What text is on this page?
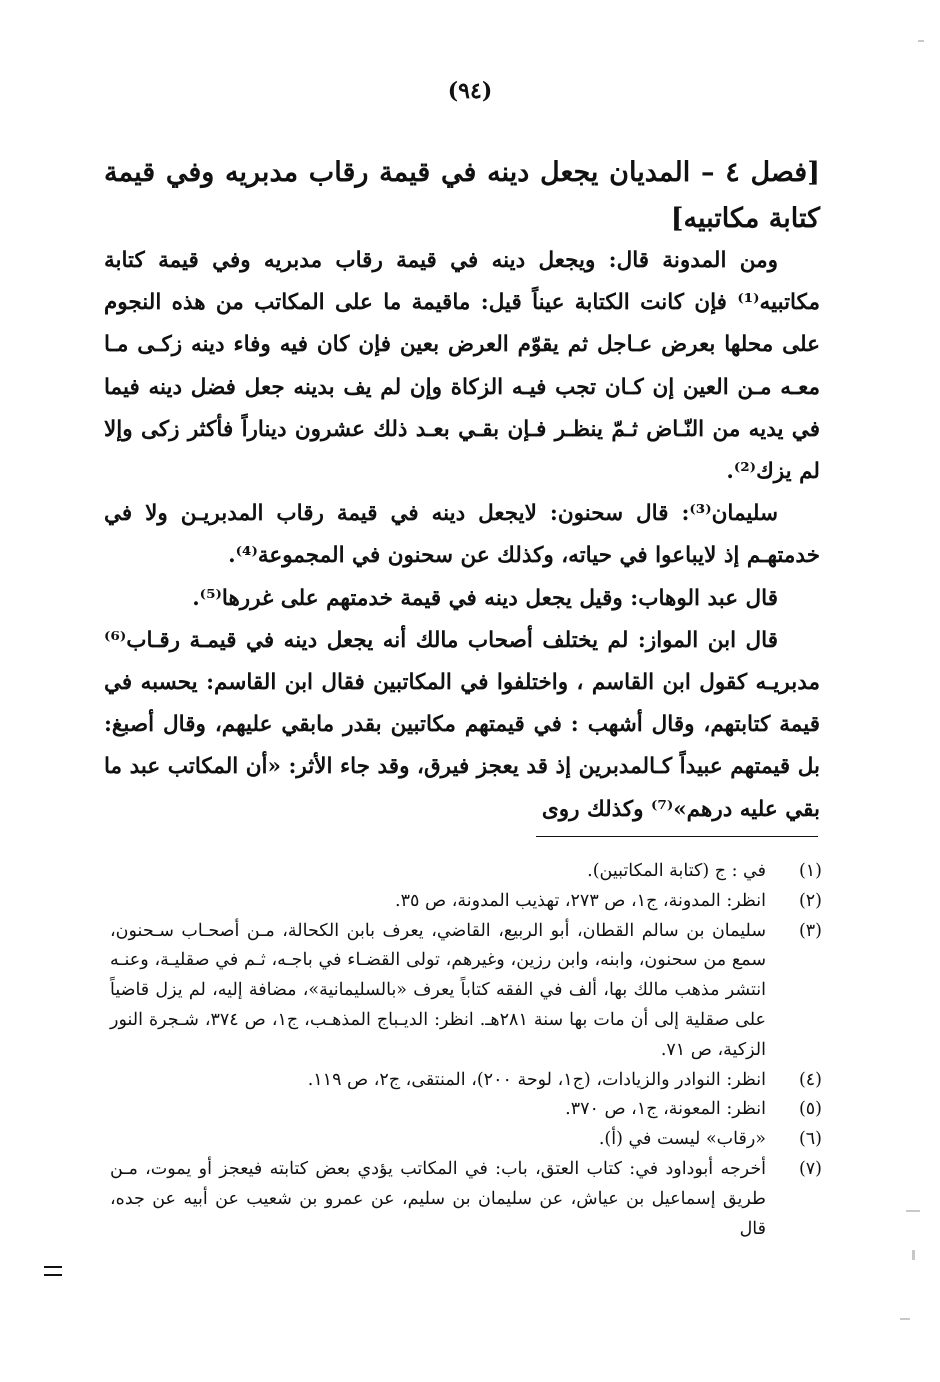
(٩٤)
[فصل ٤ – المديان يجعل دينه في قيمة رقاب مدبريه وفي قيمة كتابة مكاتبيه]

ومن المدونة قال: ويجعل دينه في قيمة رقاب مدبريه وفي قيمة كتابة مكاتبيه⁽¹⁾ فإن كانت الكتابة عيناً قيل: ماقيمة ما على المكاتب من هذه النجوم على محلها بعرض عـاجل ثم يقوّم العرض بعين فإن كان فيه وفاء دينه زكـى مـا معـه مـن العين إن كـان تجب فيـه الزكاة وإن لم يف بدينه جعل فضل دينه فيما في يديه من النّـاض ثـمّ ينظـر فـإن بقـي بعـد ذلك عشرون ديناراً فأكثر زكى وإلا لم يزك⁽²⁾.

سليمان⁽³⁾: قال سحنون: لايجعل دينه في قيمة رقاب المدبريـن ولا في خدمتهـم إذ لايباعوا في حياته، وكذلك عن سحنون في المجموعة⁽⁴⁾.

قال عبد الوهاب: وقيل يجعل دينه في قيمة خدمتهم على غررها⁽⁵⁾.

قال ابن المواز: لم يختلف أصحاب مالك أنه يجعل دينه في قيمـة رقـاب⁽⁶⁾ مدبريـه كقول ابن القاسم ، واختلفوا في المكاتبين فقال ابن القاسم: يحسبه في قيمة كتابتهم، وقال أشهب : في قيمتهم مكاتبين بقدر مابقي عليهم، وقال أصبغ: بل قيمتهم عبيداً كـالمدبرين إذ قد يعجز فيرق، وقد جاء الأثر: «أن المكاتب عبد ما بقي عليه درهم»⁽⁷⁾ وكذلك روى

(١)
في : ج (كتابة المكاتبين).
(٢)
انظر: المدونة، ج١، ص ٢٧٣، تهذيب المدونة، ص ٣٥.
(٣)
سليمان بن سالم القطان، أبو الربيع، القاضي، يعرف بابن الكحالة، مـن أصحـاب سـحنون، سمع من سحنون، وابنه، وابن رزين، وغيرهم، تولى القضـاء في باجـه، ثـم في صقليـة، وعنـه انتشر مذهب مالك بها، ألف في الفقه كتاباً يعرف «بالسليمانية»، مضافة إليه، لم يزل قاضياً على صقلية إلى أن مات بها سنة ٢٨١هـ. انظر: الديـباج المذهـب، ج١، ص ٣٧٤، شـجرة النور الزكية، ص ٧١.
(٤)
انظر: النوادر والزيادات، (ج١، لوحة ٢٠٠)، المنتقى، ج٢، ص ١١٩.
(٥)
انظر: المعونة، ج١، ص ٣٧٠.
(٦)
«رقاب» ليست في (أ).
(٧)
أخرجه أبوداود في: كتاب العتق، باب: في المكاتب يؤدي بعض كتابته فيعجز أو يموت، مـن طريق إسماعيل بن عياش، عن سليمان بن سليم، عن عمرو بن شعيب عن أبيه عن جده، قال
